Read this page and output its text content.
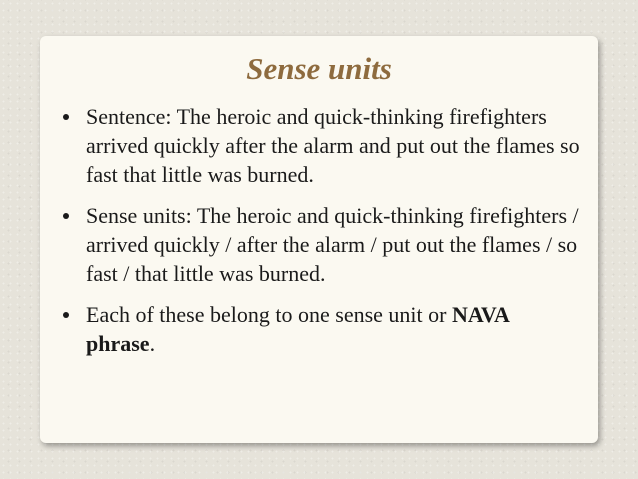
Sense units
Sentence: The heroic and quick-thinking firefighters arrived quickly after the alarm and put out the flames so fast that little was burned.
Sense units: The heroic and quick-thinking firefighters / arrived quickly / after the alarm / put out the flames / so fast / that little was burned.
Each of these belong to one sense unit or NAVA phrase.
